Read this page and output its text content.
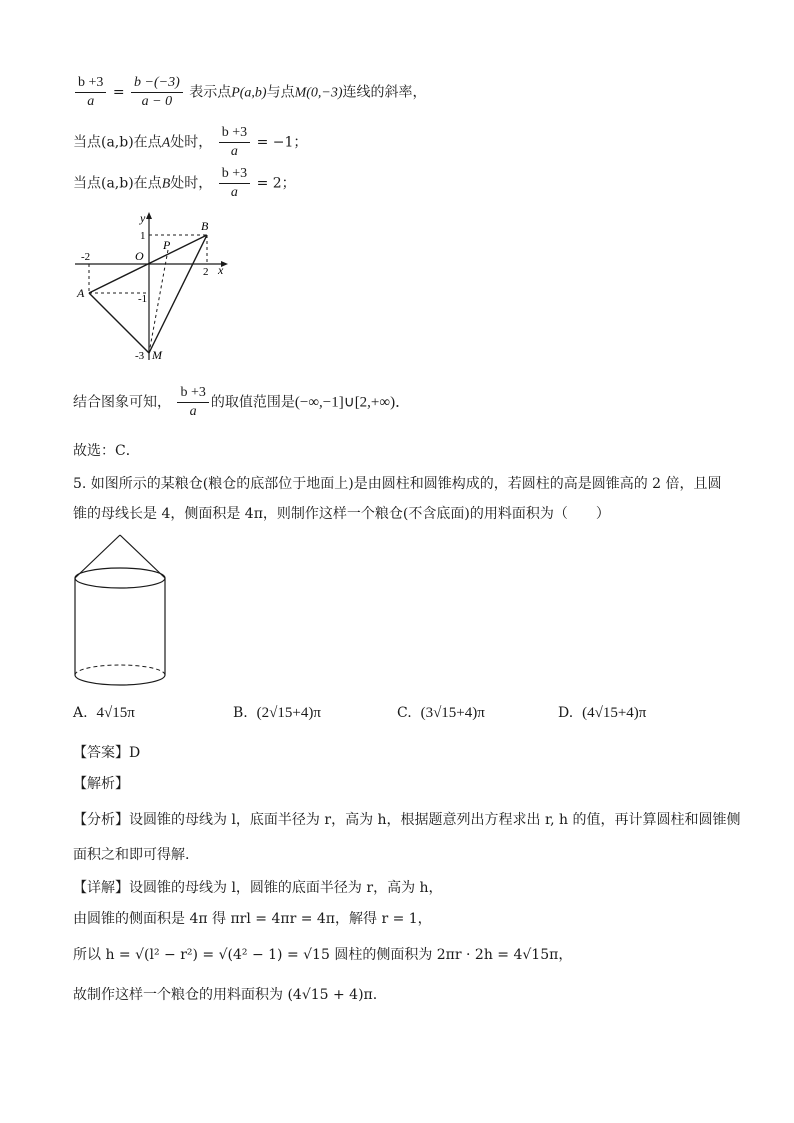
$\frac{b +3}{a} = \frac{b -(-3)}{a - 0}$ 表示点P(a,b)与点M(0,−3)连线的斜率，
当点(a,b)在点A处时， $\frac{b +3}{a} = -1$；
当点(a,b)在点B处时， $\frac{b +3}{a} = 2$；
y
x
O
1
-2
2
-1
-3
A
B
P
M
结合图象可知， $\frac{b +3}{a}$ 的取值范围是(−∞,−1]∪[2,+∞)．
故选：C．
5. 如图所示的某粮仓(粮仓的底部位于地面上)是由圆柱和圆锥构成的，若圆柱的高是圆锥高的 2 倍，且圆
锥的母线长是 4，侧面积是 4π，则制作这样一个粮仓(不含底面)的用料面积为（　　）
A. 4√15π	B. (2√15+4)π	C. (3√15+4)π	D. (4√15+4)π
【答案】D
【解析】
【分析】设圆锥的母线为 l，底面半径为 r，高为 h，根据题意列出方程求出 r, h 的值，再计算圆柱和圆锥侧
面积之和即可得解.
【详解】设圆锥的母线为 l，圆锥的底面半径为 r，高为 h，
由圆锥的侧面积是 4π 得 πrl = 4πr = 4π，解得 r = 1，
所以 h = √(l² − r²) = √(4² − 1) = √15 圆柱的侧面积为 2πr · 2h = 4√15π，
故制作这样一个粮仓的用料面积为 (4√15 + 4)π.
